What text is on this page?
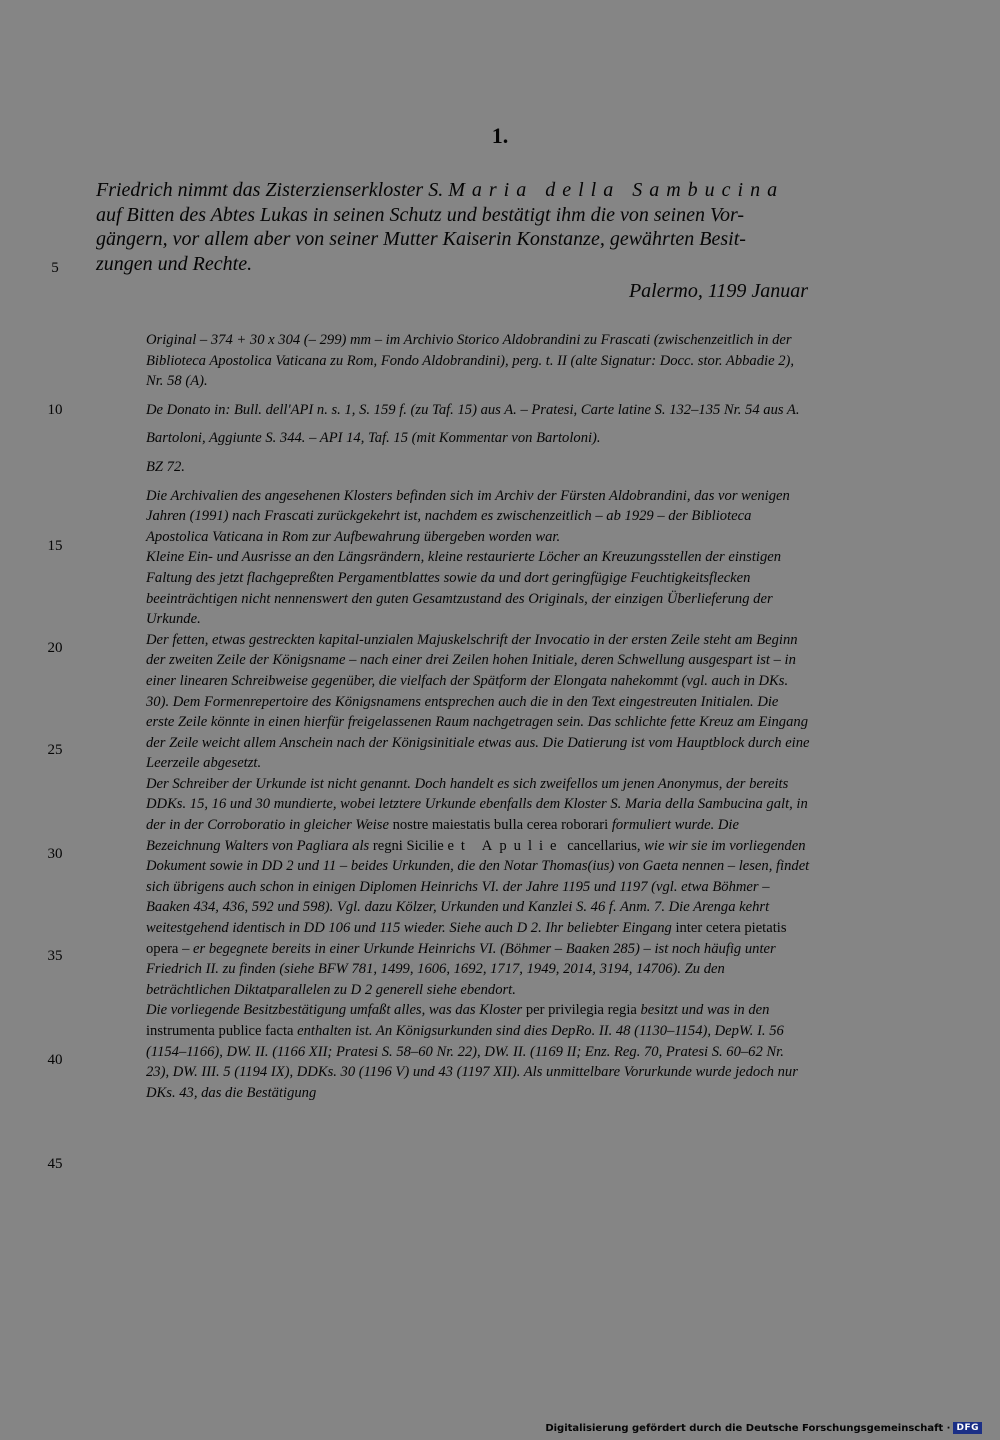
1.
Friedrich nimmt das Zisterzienserkloster S. Maria della Sambucina
auf Bitten des Abtes Lukas in seinen Schutz und bestätigt ihm die von seinen Vor-
gängern, vor allem aber von seiner Mutter Kaiserin Konstanze, gewährten Besit-
zungen und Rechte.
Palermo, 1199 Januar
5
10
15
20
25
30
35
40
45

Original – 374 + 30 x 304 (– 299) mm – im Archivio Storico Aldobrandini zu Frascati (zwischenzeitlich in der Biblioteca Apostolica Vaticana zu Rom, Fondo Aldobrandini), perg. t. II (alte Signatur: Docc. stor. Abbadie 2), Nr. 58 (A).

De Donato in: Bull. dell'API n. s. 1, S. 159 f. (zu Taf. 15) aus A. – Pratesi, Carte latine S. 132–135 Nr. 54 aus A.

Bartoloni, Aggiunte S. 344. – API 14, Taf. 15 (mit Kommentar von Bartoloni).

BZ 72.

Die Archivalien des angesehenen Klosters befinden sich im Archiv der Fürsten Aldobrandini, das vor wenigen Jahren (1991) nach Frascati zurückgekehrt ist, nachdem es zwischenzeitlich – ab 1929 – der Biblioteca Apostolica Vaticana in Rom zur Aufbewahrung übergeben worden war.

Kleine Ein- und Ausrisse an den Längsrändern, kleine restaurierte Löcher an Kreuzungsstellen der einstigen Faltung des jetzt flachgepreßten Pergamentblattes sowie da und dort geringfügige Feuchtigkeitsflecken beeinträchtigen nicht nennenswert den guten Gesamtzustand des Originals, der einzigen Überlieferung der Urkunde.

Der fetten, etwas gestreckten kapital-unzialen Majuskelschrift der Invocatio in der ersten Zeile steht am Beginn der zweiten Zeile der Königsname – nach einer drei Zeilen hohen Initiale, deren Schwellung ausgespart ist – in einer linearen Schreibweise gegenüber, die vielfach der Spätform der Elongata nahekommt (vgl. auch in DKs. 30). Dem Formenrepertoire des Königsnamens entsprechen auch die in den Text eingestreuten Initialen. Die erste Zeile könnte in einen hierfür freigelassenen Raum nachgetragen sein. Das schlichte fette Kreuz am Eingang der Zeile weicht allem Anschein nach der Königsinitiale etwas aus. Die Datierung ist vom Hauptblock durch eine Leerzeile abgesetzt.

Der Schreiber der Urkunde ist nicht genannt. Doch handelt es sich zweifellos um jenen Anonymus, der bereits DDKs. 15, 16 und 30 mundierte, wobei letztere Urkunde ebenfalls dem Kloster S. Maria della Sambucina galt, in der in der Corroboratio in gleicher Weise nostre maiestatis bulla cerea roborari formuliert wurde. Die Bezeichnung Walters von Pagliara als regni Sicilie et Apulie cancellarius, wie wir sie im vorliegenden Dokument sowie in DD 2 und 11 – beides Urkunden, die den Notar Thomas(ius) von Gaeta nennen – lesen, findet sich übrigens auch schon in einigen Diplomen Heinrichs VI. der Jahre 1195 und 1197 (vgl. etwa Böhmer – Baaken 434, 436, 592 und 598). Vgl. dazu Kölzer, Urkunden und Kanzlei S. 46 f. Anm. 7. Die Arenga kehrt weitestgehend identisch in DD 106 und 115 wieder. Siehe auch D 2. Ihr beliebter Eingang inter cetera pietatis opera – er begegnete bereits in einer Urkunde Heinrichs VI. (Böhmer – Baaken 285) – ist noch häufig unter Friedrich II. zu finden (siehe BFW 781, 1499, 1606, 1692, 1717, 1949, 2014, 3194, 14706). Zu den beträchtlichen Diktatparallelen zu D 2 generell siehe ebendort.

Die vorliegende Besitzbestätigung umfaßt alles, was das Kloster per privilegia regia besitzt und was in den instrumenta publice facta enthalten ist. An Königsurkunden sind dies DepRo. II. 48 (1130–1154), DepW. I. 56 (1154–1166), DW. II. (1166 XII; Pratesi S. 58–60 Nr. 22), DW. II. (1169 II; Enz. Reg. 70, Pratesi S. 60–62 Nr. 23), DW. III. 5 (1194 IX), DDKs. 30 (1196 V) und 43 (1197 XII). Als unmittelbare Vorurkunde wurde jedoch nur DKs. 43, das die Bestätigung

Digitalisierung gefördert durch die Deutsche Forschungsgemeinschaft · DFG
